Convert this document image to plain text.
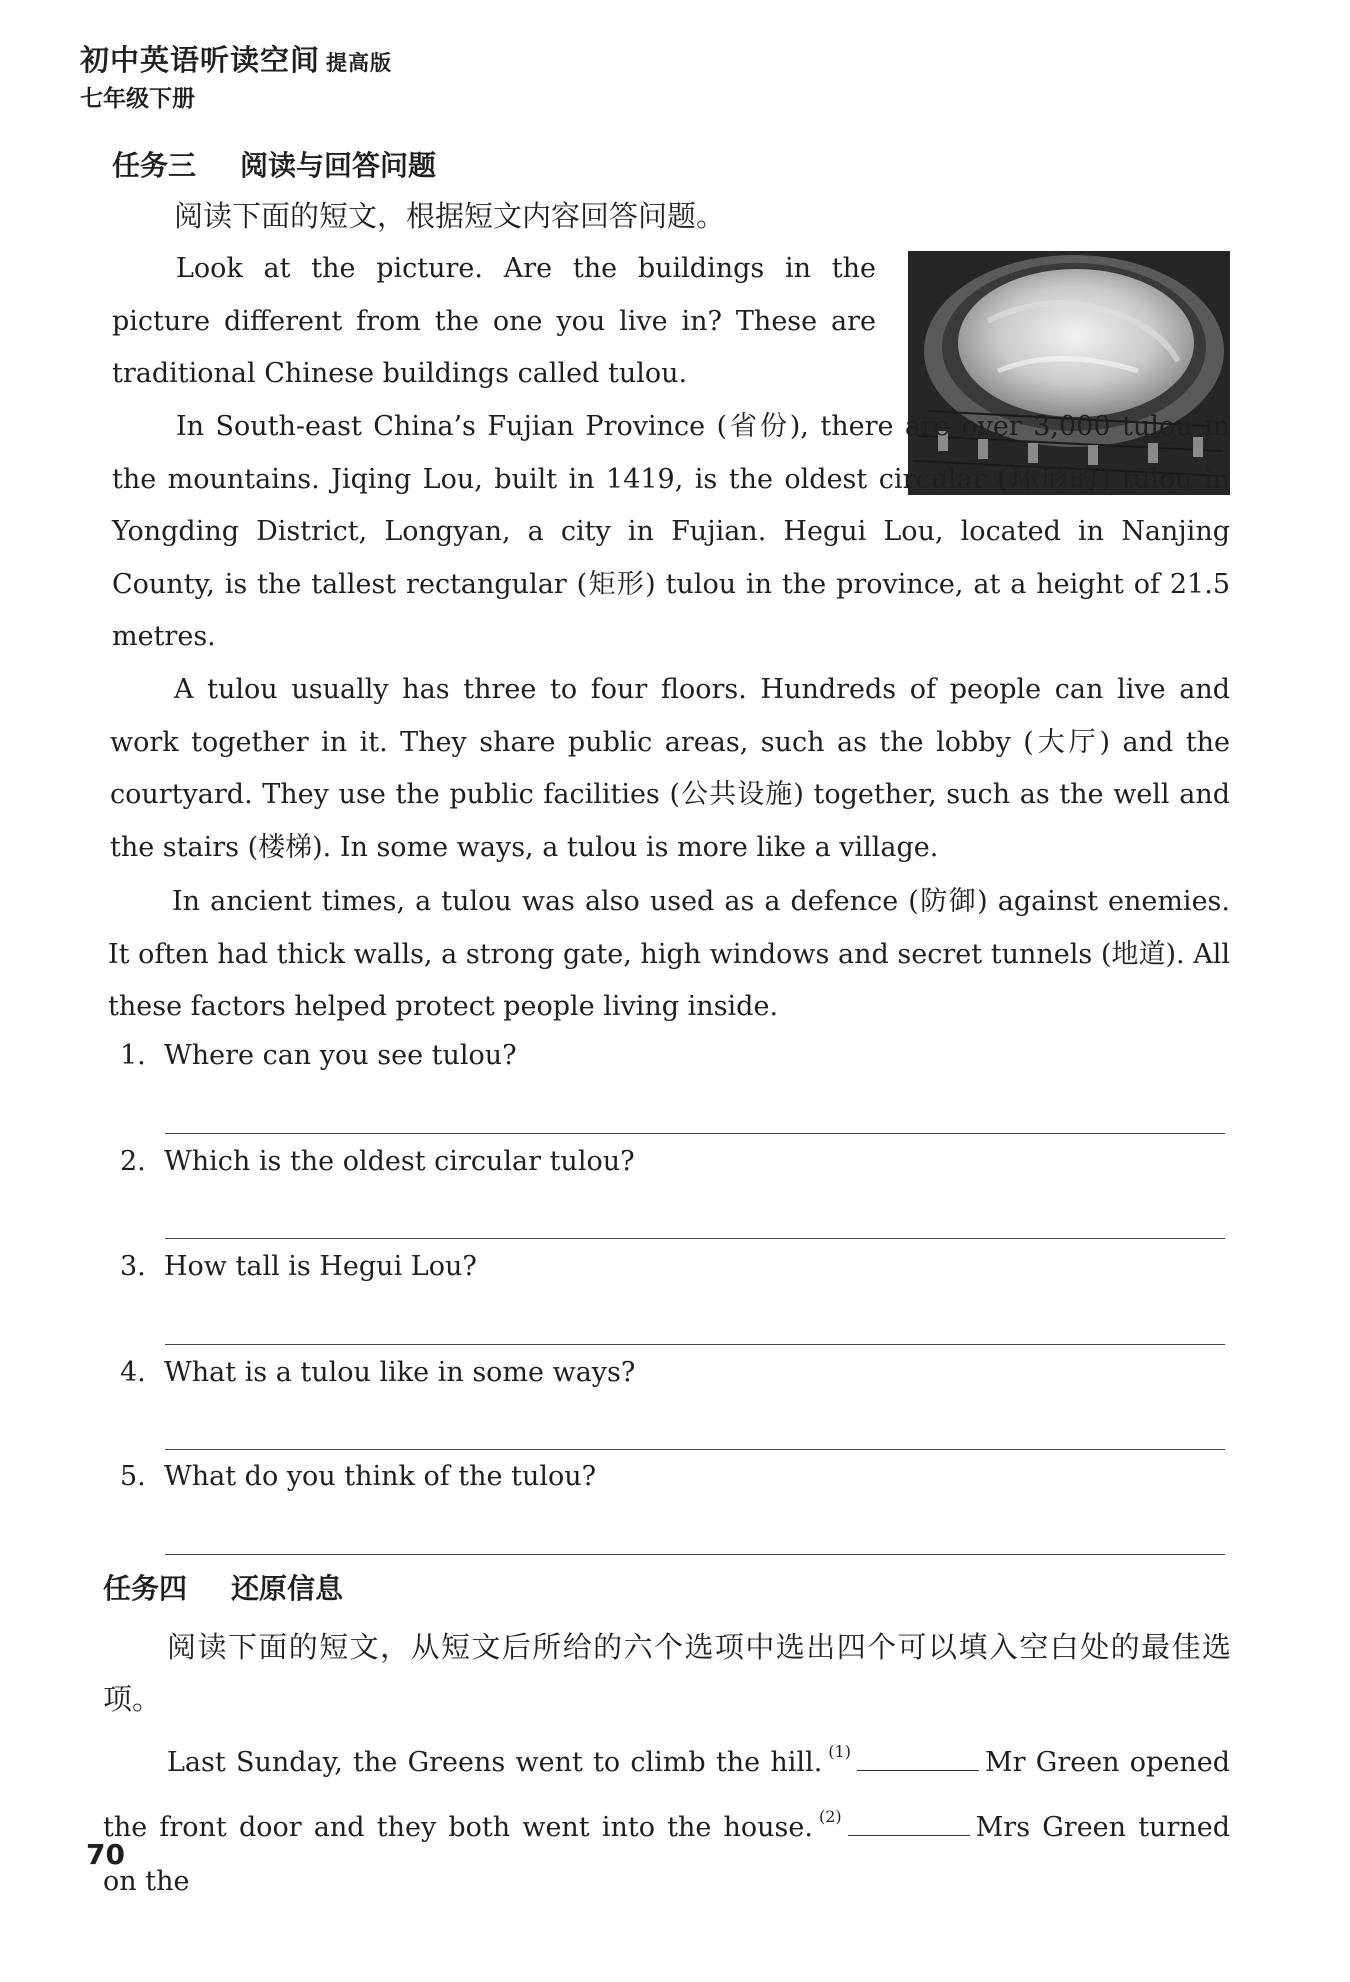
初中英语听读空间 提高版
七年级下册
任务三 阅读与回答问题
阅读下面的短文，根据短文内容回答问题。
Look at the picture. Are the buildings in the picture different from the one you live in? These are traditional Chinese buildings called tulou.
In South-east China’s Fujian Province (省份), there are over 3,000 tulou in the mountains. Jiqing Lou, built in 1419, is the oldest circular (环形的) tulou in Yongding District, Longyan, a city in Fujian. Hegui Lou, located in Nanjing County, is the tallest rectangular (矩形) tulou in the province, at a height of 21.5 metres.
A tulou usually has three to four floors. Hundreds of people can live and work together in it. They share public areas, such as the lobby (大厅) and the courtyard. They use the public facilities (公共设施) together, such as the well and the stairs (楼梯). In some ways, a tulou is more like a village.
In ancient times, a tulou was also used as a defence (防御) against enemies. It often had thick walls, a strong gate, high windows and secret tunnels (地道). All these factors helped protect people living inside.
1. Where can you see tulou?
2. Which is the oldest circular tulou?
3. How tall is Hegui Lou?
4. What is a tulou like in some ways?
5. What do you think of the tulou?
任务四 还原信息
阅读下面的短文，从短文后所给的六个选项中选出四个可以填入空白处的最佳选项。
Last Sunday, the Greens went to climb the hill. $^{(1)}$	Mr Green opened the front door and they both went into the house. $^{(2)}$	Mrs Green turned on the
70
